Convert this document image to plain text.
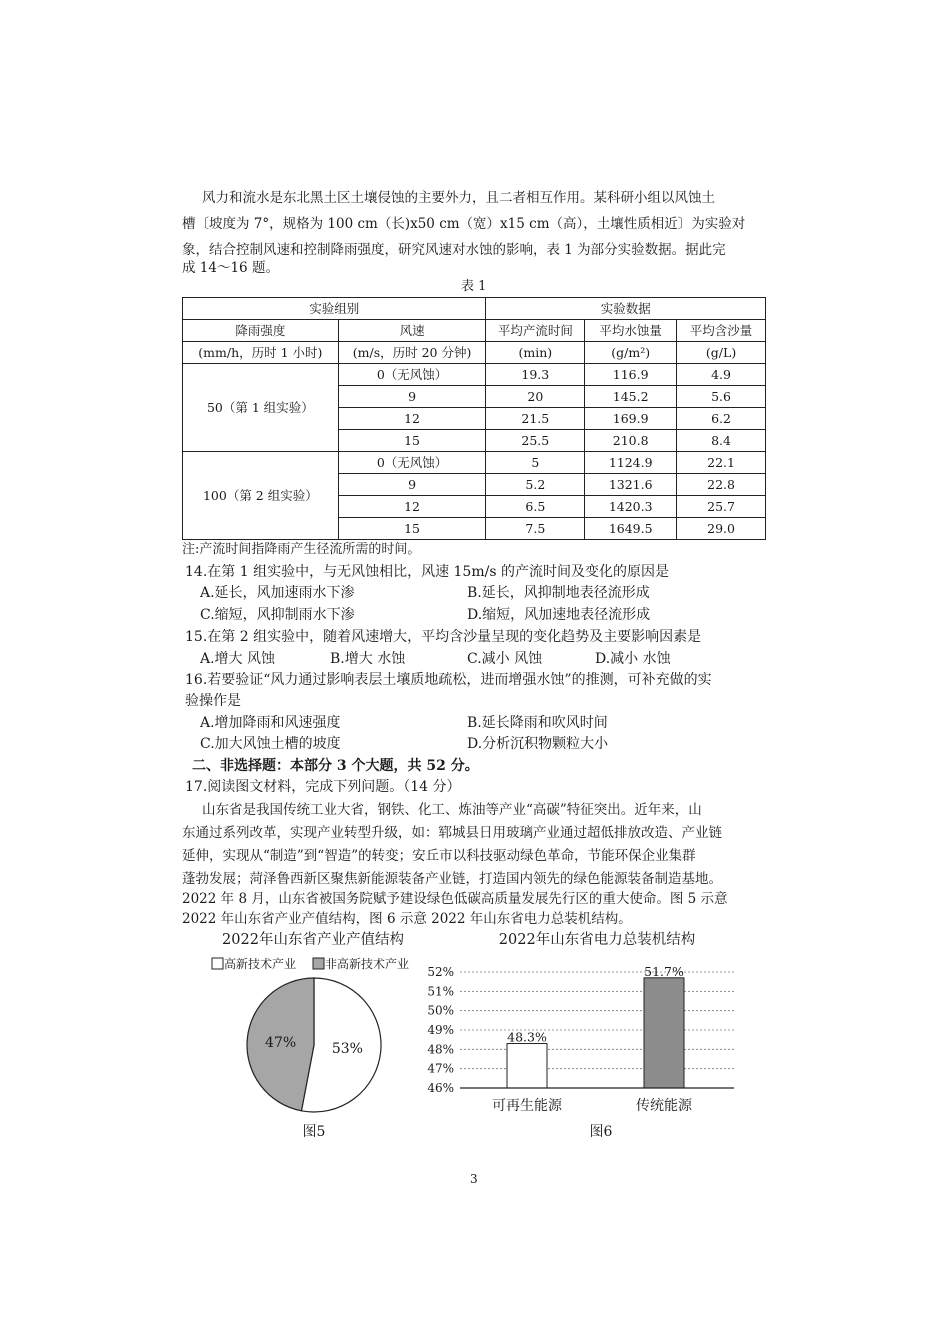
风力和流水是东北黑土区土壤侵蚀的主要外力，且二者相互作用。某科研小组以风蚀土
槽〔坡度为 7°，规格为 100 cm（长)x50 cm（宽）x15 cm（高），土壤性质相近〕为实验对
象，结合控制风速和控制降雨强度，研究风速对水蚀的影响，表 1 为部分实验数据。据此完
成 14～16 题。
表 1
实验组别		实验数据		
降雨强度	风速	平均产流时间	平均水蚀量	平均含沙量
(mm/h，历时 1 小时)	(m/s，历时 20 分钟)	(min)	(g/m²)	(g/L)
50（第 1 组实验）	0（无风蚀）	19.3	116.9	4.9
	9	20	145.2	5.6
	12	21.5	169.9	6.2
	15	25.5	210.8	8.4
100（第 2 组实验）	0（无风蚀）	5	1124.9	22.1
	9	5.2	1321.6	22.8
	12	6.5	1420.3	25.7
	15	7.5	1649.5	29.0
注:产流时间指降雨产生径流所需的时间。
14.在第 1 组实验中，与无风蚀相比，风速 15m/s 的产流时间及变化的原因是
A.延长，风加速雨水下渗	B.延长，风抑制地表径流形成
C.缩短，风抑制雨水下渗	D.缩短，风加速地表径流形成
15.在第 2 组实验中，随着风速增大，平均含沙量呈现的变化趋势及主要影响因素是
A.增大 风蚀	B.增大 水蚀	C.减小 风蚀	D.减小 水蚀
16.若要验证“风力通过影响表层土壤质地疏松，进而增强水蚀”的推测，可补充做的实
验操作是
A.增加降雨和风速强度	B.延长降雨和吹风时间
C.加大风蚀土槽的坡度	D.分析沉积物颗粒大小
二、非选择题：本部分 3 个大题，共 52 分。
17.阅读图文材料，完成下列问题。（14 分）
山东省是我国传统工业大省，钢铁、化工、炼油等产业“高碳”特征突出。近年来，山
东通过系列改革，实现产业转型升级，如：郓城县日用玻璃产业通过超低排放改造、产业链
延伸，实现从“制造”到“智造”的转变；安丘市以科技驱动绿色革命，节能环保企业集群
蓬勃发展；菏泽鲁西新区聚焦新能源装备产业链，打造国内领先的绿色能源装备制造基地。
2022 年 8 月，山东省被国务院赋予建设绿色低碳高质量发展先行区的重大使命。图 5 示意
2022 年山东省产业产值结构，图 6 示意 2022 年山东省电力总装机结构。
2022年山东省产业产值结构
高新技术产业 非高新技术产业
53%
47%
图5
2022年山东省电力总装机结构
46%
47%
48%
49%
50%
51%
52%
48.3%
51.7%
可再生能源	传统能源
图6
3
